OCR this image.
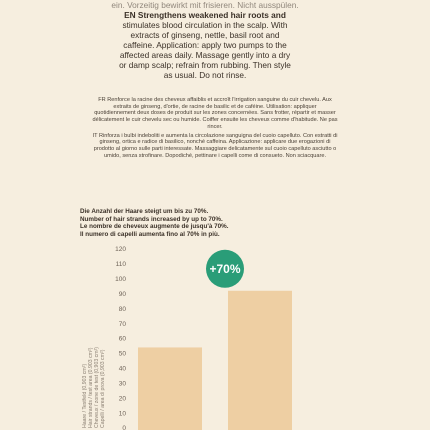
ein. Vorzeitig bewirkt mit frisieren. Nicht ausspülen.
EN Strengthens weakened hair roots and
stimulates blood circulation in the scalp. With
extracts of ginseng, nettle, basil root and
caffeine. Application: apply two pumps to the
affected areas daily. Massage gently into a dry
or damp scalp; refrain from rubbing. Then style
as usual. Do not rinse.

FR Renforce la racine des cheveux affaiblis et accroît l'irrigation sanguine du cuir chevelu. Aux extraits de ginseng, d'ortie, de racine de basilic et de caféine. Utilisation: appliquer quotidiennement deux doses de produit sur les zones concernées. Sans frotter, répartir et masser délicatement le cuir chevelu sec ou humide. Coiffer ensuite les cheveux comme d'habitude. Ne pas rincer.

IT Rinforza i bulbi indeboliti e aumenta la circolazione sanguigna del cuoio capelluto. Con estratti di ginseng, ortica e radice di basilico, nonché caffeina. Applicazione: applicare due erogazioni di prodotto al giorno sulle parti interessate. Massaggiare delicatamente sul cuoio capelluto asciutto o umido, senza strofinare. Dopodiché, pettinare i capelli come di consueto. Non sciacquare.

Die Anzahl der Haare steigt um bis zu 70%.
Number of hair strands increased by up to 70%.
Le nombre de cheveux augmente de jusqu'à 70%.
Il numero di capelli aumenta fino al 70% in più.
Haare / Testfeld (0,903 cm²) Hair strands / test area (0.903 cm²) Cheveux / zone de test (0,903 cm²) Capelli / area di prova (0,903 cm²)
0
10
20
30
40
50
60
70
80
90
100
110
120
+70%
